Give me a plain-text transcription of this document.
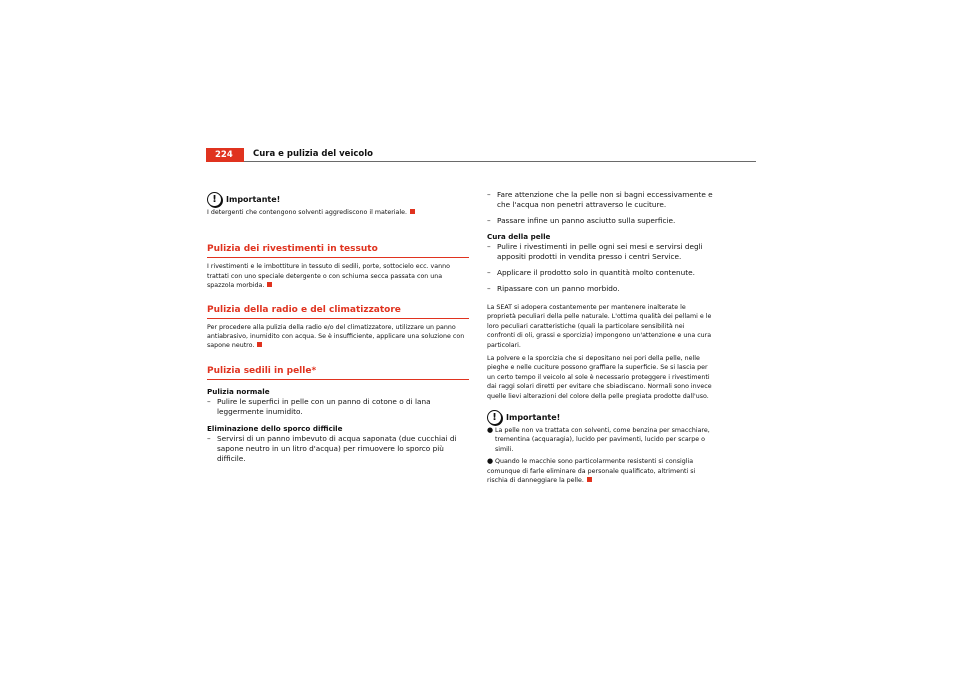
224	Cura e pulizia del veicolo
!	Importante!

I detergenti che contengono solventi aggrediscono il materiale.

Pulizia dei rivestimenti in tessuto

I rivestimenti e le imbottiture in tessuto di sedili, porte, sottocielo ecc. vanno trattati con uno speciale detergente o con schiuma secca passata con una spazzola morbida.

Pulizia della radio e del climatizzatore

Per procedere alla pulizia della radio e/o del climatizzatore, utilizzare un panno antiabrasivo, inumidito con acqua. Se è insufficiente, applicare una soluzione con sapone neutro.

Pulizia sedili in pelle*

Pulizia normale

– Pulire le superfici in pelle con un panno di cotone o di lana leggermente inumidito.

Eliminazione dello sporco difficile

– Servirsi di un panno imbevuto di acqua saponata (due cucchiai di sapone neutro in un litro d'acqua) per rimuovere lo sporco più difficile.

– Fare attenzione che la pelle non si bagni eccessivamente e che l'acqua non penetri attraverso le cuciture.

– Passare infine un panno asciutto sulla superficie.

Cura della pelle

– Pulire i rivestimenti in pelle ogni sei mesi e servirsi degli appositi prodotti in vendita presso i centri Service.

– Applicare il prodotto solo in quantità molto contenute.

– Ripassare con un panno morbido.

La SEAT si adopera costantemente per mantenere inalterate le proprietà peculiari della pelle naturale. L'ottima qualità dei pellami e le loro peculiari caratteristiche (quali la particolare sensibilità nei confronti di oli, grassi e sporcizia) impongono un'attenzione e una cura particolari.

La polvere e la sporcizia che si depositano nei pori della pelle, nelle pieghe e nelle cuciture possono graffiare la superficie. Se si lascia per un certo tempo il veicolo al sole è necessario proteggere i rivestimenti dai raggi solari diretti per evitare che sbiadiscano. Normali sono invece quelle lievi alterazioni del colore della pelle pregiata prodotte dall'uso.

!	Importante!

● La pelle non va trattata con solventi, come benzina per smacchiare, trementina (acquaragia), lucido per pavimenti, lucido per scarpe o simili.

● Quando le macchie sono particolarmente resistenti si consiglia

comunque di farle eliminare da personale qualificato, altrimenti si rischia di danneggiare la pelle.
